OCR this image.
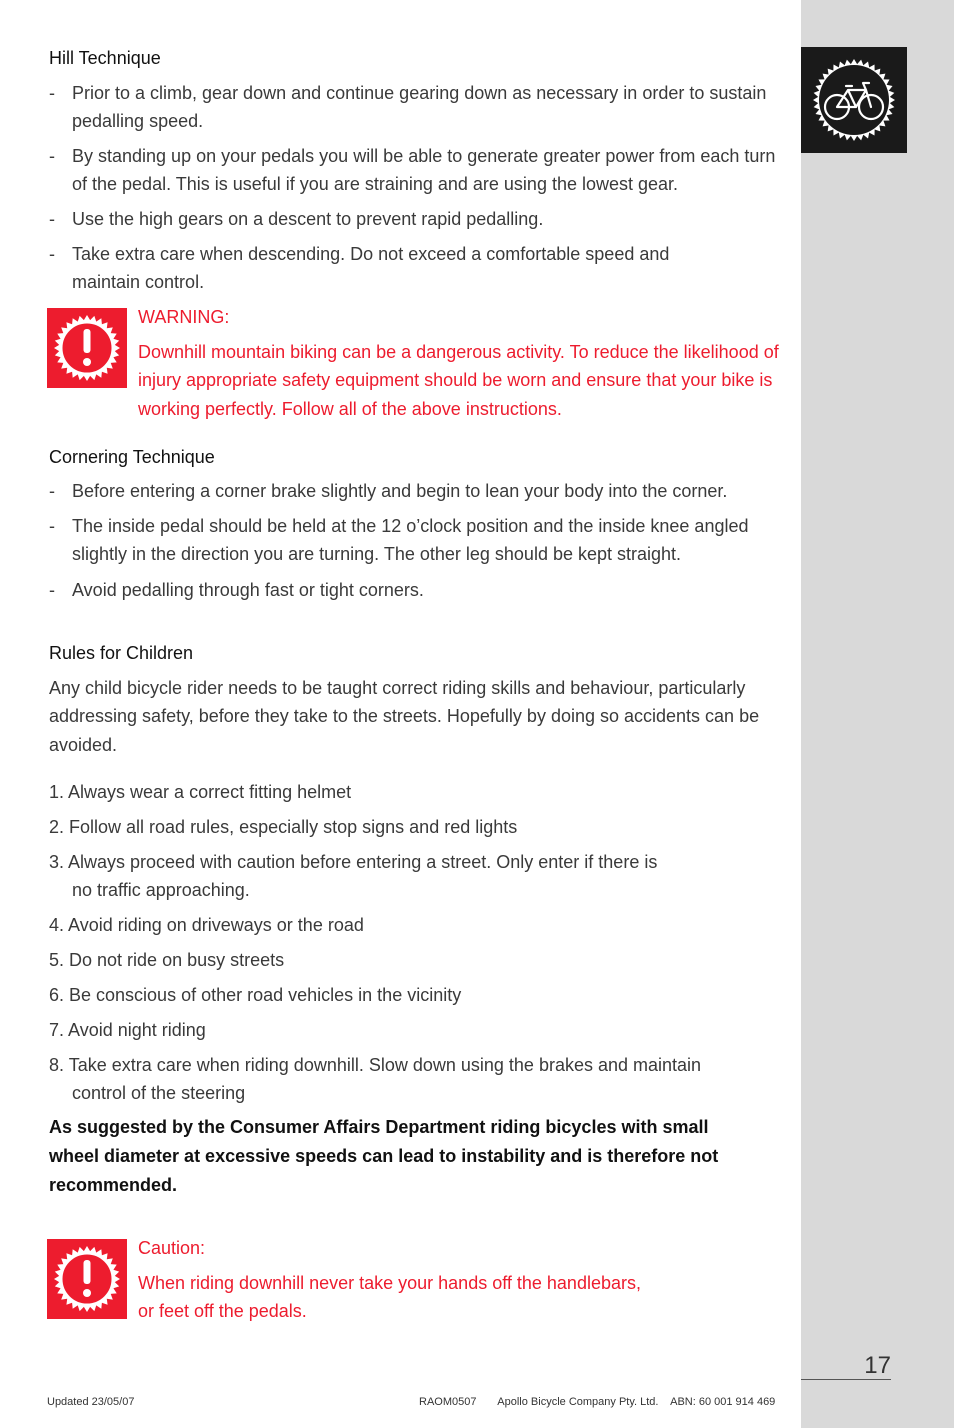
Hill Technique
- Prior to a climb, gear down and continue gearing down as necessary in order to sustain pedalling speed.
- By standing up on your pedals you will be able to generate greater power from each turn of the pedal. This is useful if you are straining and are using the lowest gear.
- Use the high gears on a descent to prevent rapid pedalling.
- Take extra care when descending. Do not exceed a comfortable speed and maintain control.
WARNING:
Downhill mountain biking can be a dangerous activity. To reduce the likelihood of injury appropriate safety equipment should be worn and ensure that your bike is working perfectly. Follow all of the above instructions.
Cornering Technique
- Before entering a corner brake slightly and begin to lean your body into the corner.
- The inside pedal should be held at the 12 o’clock position and the inside knee angled slightly in the direction you are turning. The other leg should be kept straight.
- Avoid pedalling through fast or tight corners.
Rules for Children
Any child bicycle rider needs to be taught correct riding skills and behaviour, particularly addressing safety, before they take to the streets. Hopefully by doing so accidents can be avoided.
1. Always wear a correct fitting helmet
2. Follow all road rules, especially stop signs and red lights
3. Always proceed with caution before entering a street. Only enter if there is no traffic approaching.
4. Avoid riding on driveways or the road
5. Do not ride on busy streets
6. Be conscious of other road vehicles in the vicinity
7. Avoid night riding
8. Take extra care when riding downhill. Slow down using the brakes and maintain control of the steering
As suggested by the Consumer Affairs Department riding bicycles with small wheel diameter at excessive speeds can lead to instability and is therefore not recommended.
Caution:
When riding downhill never take your hands off the handlebars, or feet off the pedals.
17
Updated 23/05/07	RAOM0507 Apollo Bicycle Company Pty. Ltd. ABN: 60 001 914 469
